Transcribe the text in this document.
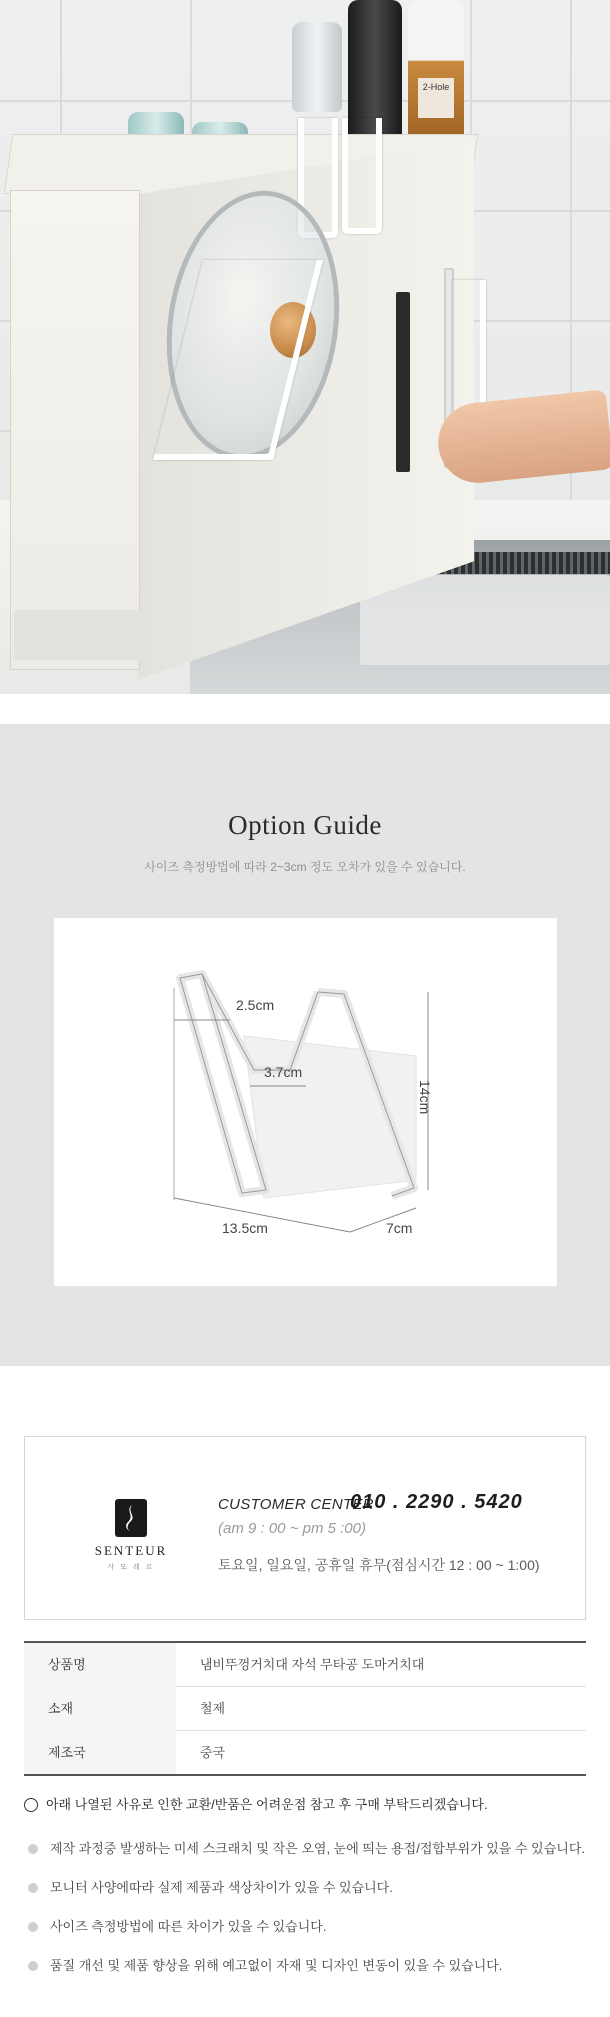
2-Hole
Option Guide
사이즈 측정방법에 따라 2~3cm 정도 오차가 있을 수 있습니다.
2.5cm
3.7cm
14cm
13.5cm	7cm
SENTEUR
사 또 레 르
CUSTOMER CENTER
010 . 2290 . 5420
(am 9 : 00 ~ pm 5 :00)
토요일, 일요일, 공휴일 휴무(점심시간 12 : 00 ~ 1:00)
상품명	냄비뚜껑거치대 자석 무타공 도마거치대
소재	철제
제조국	중국
아래 나열된 사유로 인한 교환/반품은 어려운점 참고 후 구매 부탁드리겠습니다.
제작 과정중 발생하는 미세 스크래치 및 작은 오염, 눈에 띄는 용접/접합부위가 있을 수 있습니다.
모니터 사양에따라 실제 제품과 색상차이가 있을 수 있습니다.
사이즈 측정방법에 따른 차이가 있을 수 있습니다.
품질 개선 및 제품 향상을 위해 예고없이 자재 및 디자인 변동이 있을 수 있습니다.
